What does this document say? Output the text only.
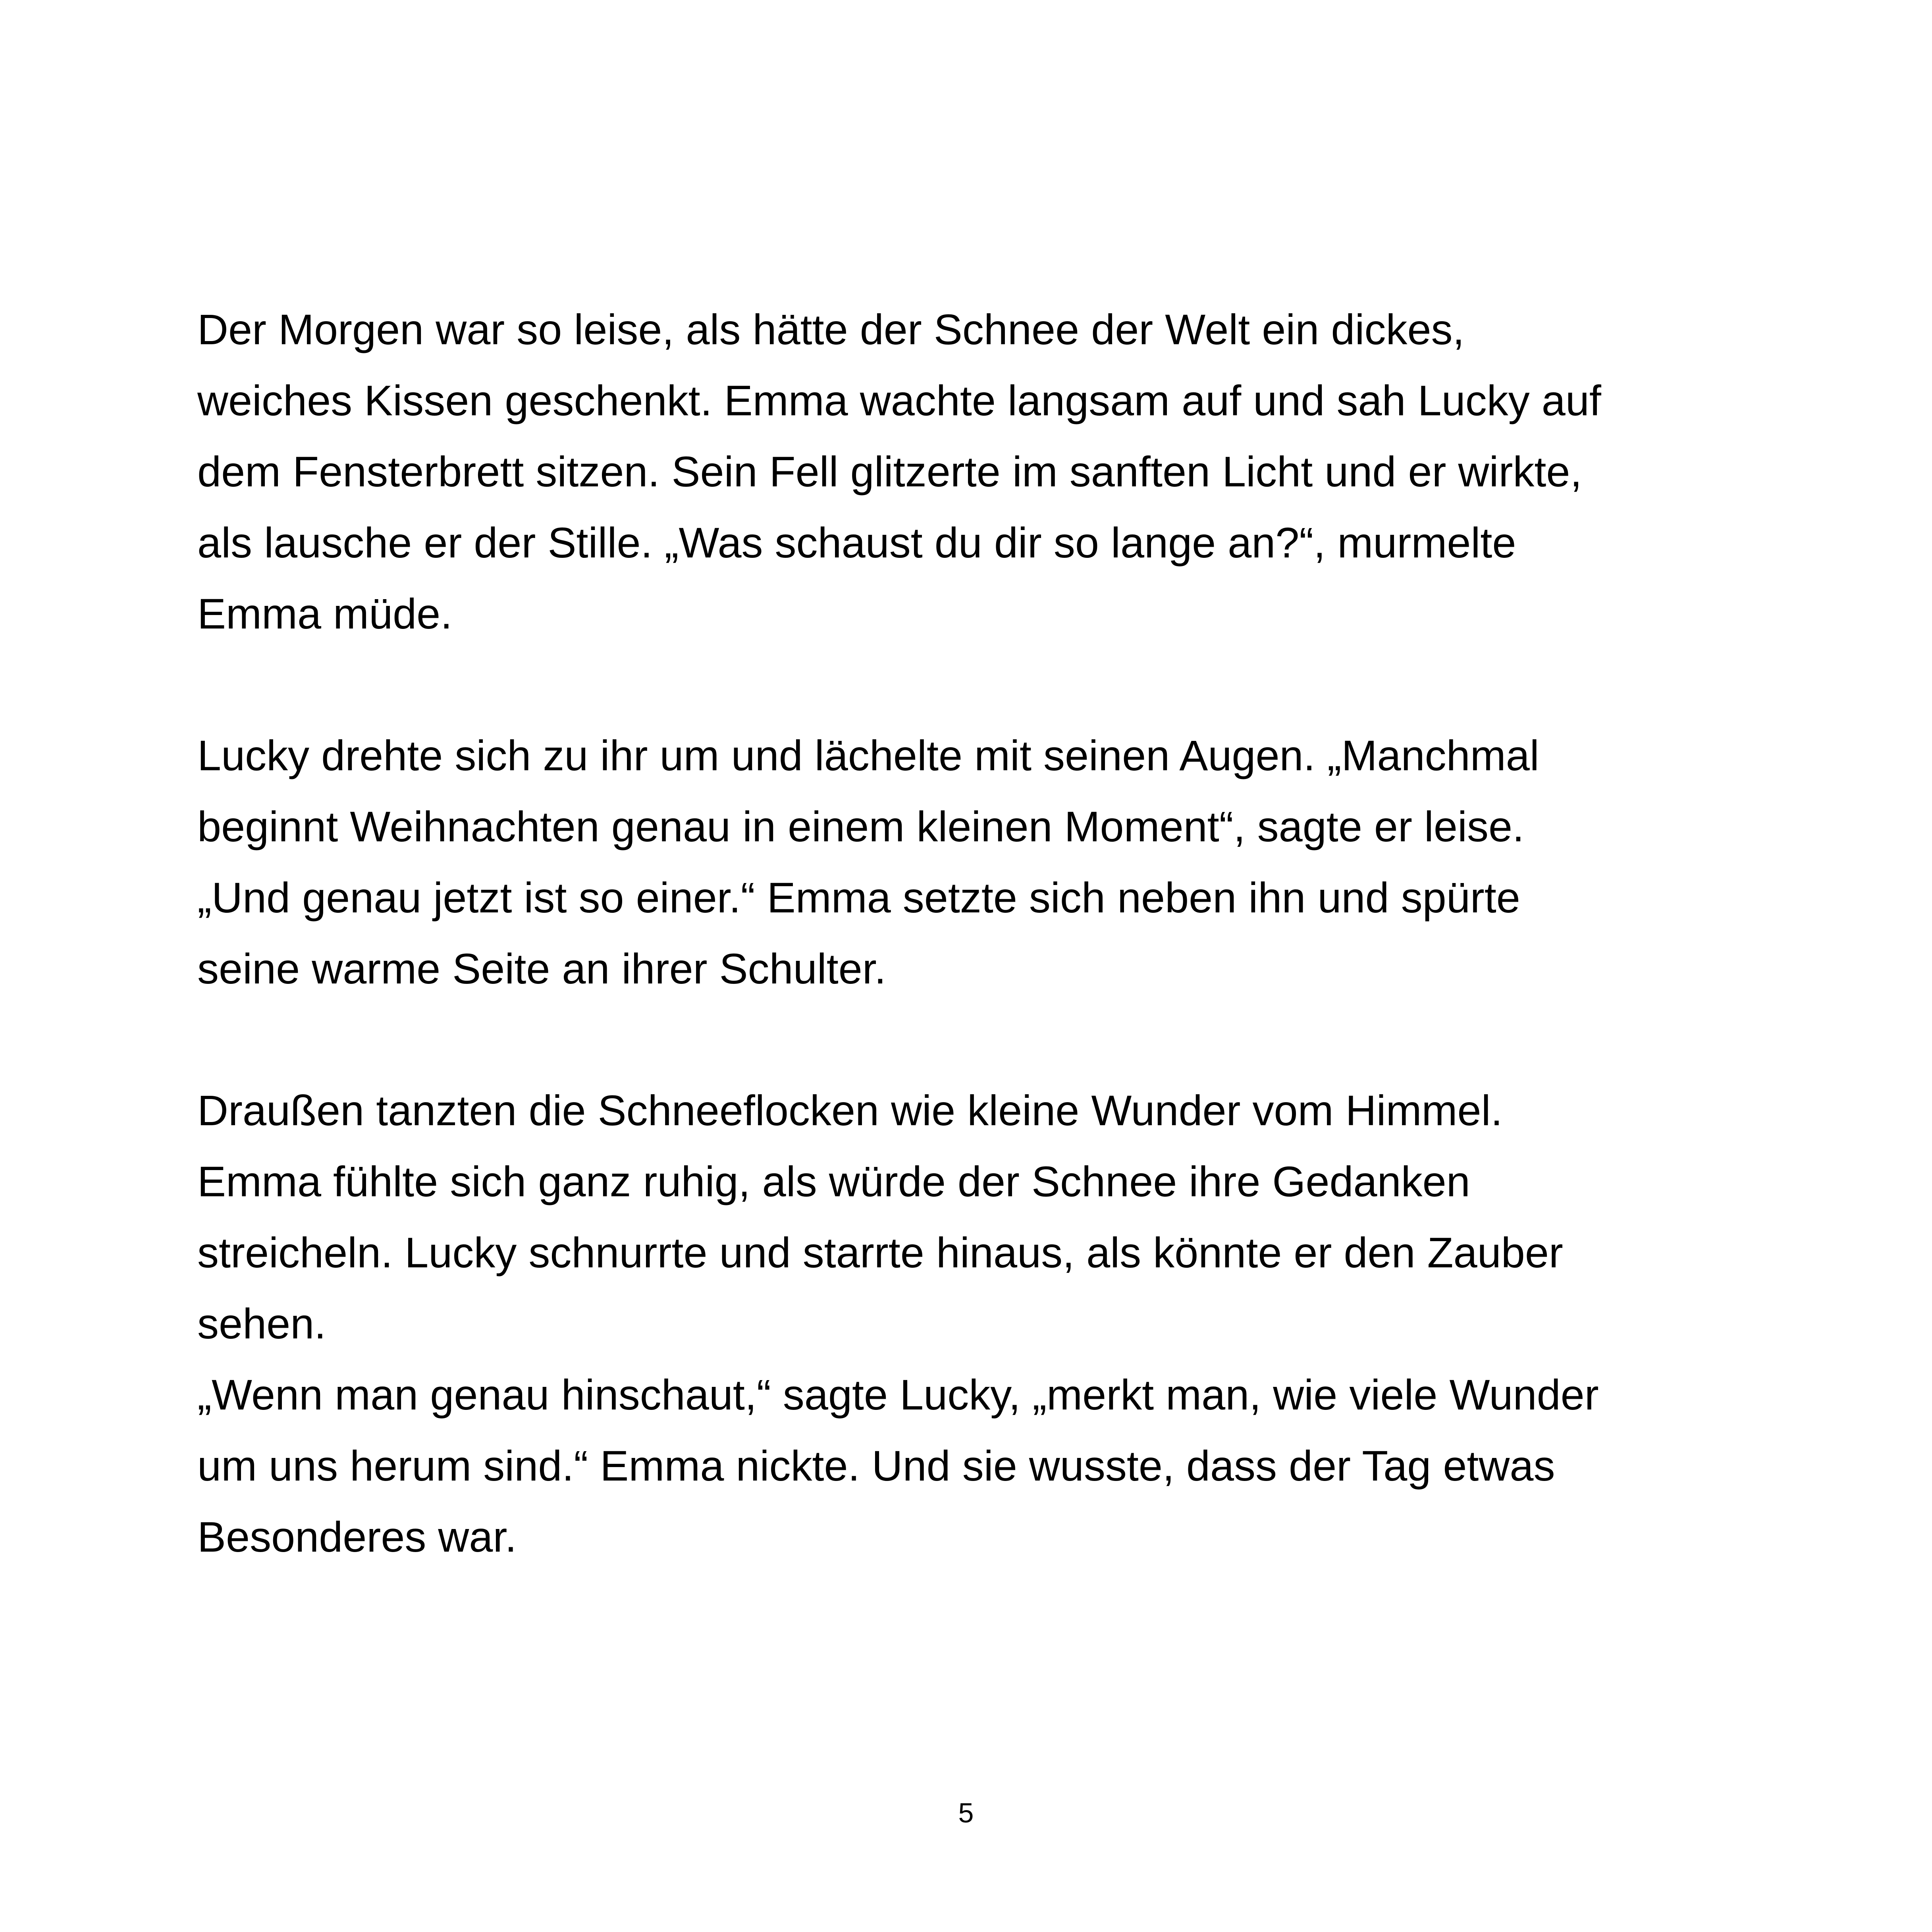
Der Morgen war so leise, als hätte der Schnee der Welt ein dickes,
weiches Kissen geschenkt. Emma wachte langsam auf und sah Lucky auf
dem Fensterbrett sitzen. Sein Fell glitzerte im sanften Licht und er wirkte,
als lausche er der Stille. „Was schaust du dir so lange an?“, murmelte
Emma müde.
Lucky drehte sich zu ihr um und lächelte mit seinen Augen. „Manchmal
beginnt Weihnachten genau in einem kleinen Moment“, sagte er leise.
„Und genau jetzt ist so einer.“ Emma setzte sich neben ihn und spürte
seine warme Seite an ihrer Schulter.
Draußen tanzten die Schneeflocken wie kleine Wunder vom Himmel.
Emma fühlte sich ganz ruhig, als würde der Schnee ihre Gedanken
streicheln. Lucky schnurrte und starrte hinaus, als könnte er den Zauber
sehen.
„Wenn man genau hinschaut,“ sagte Lucky, „merkt man, wie viele Wunder
um uns herum sind.“ Emma nickte. Und sie wusste, dass der Tag etwas
Besonderes war.
5
